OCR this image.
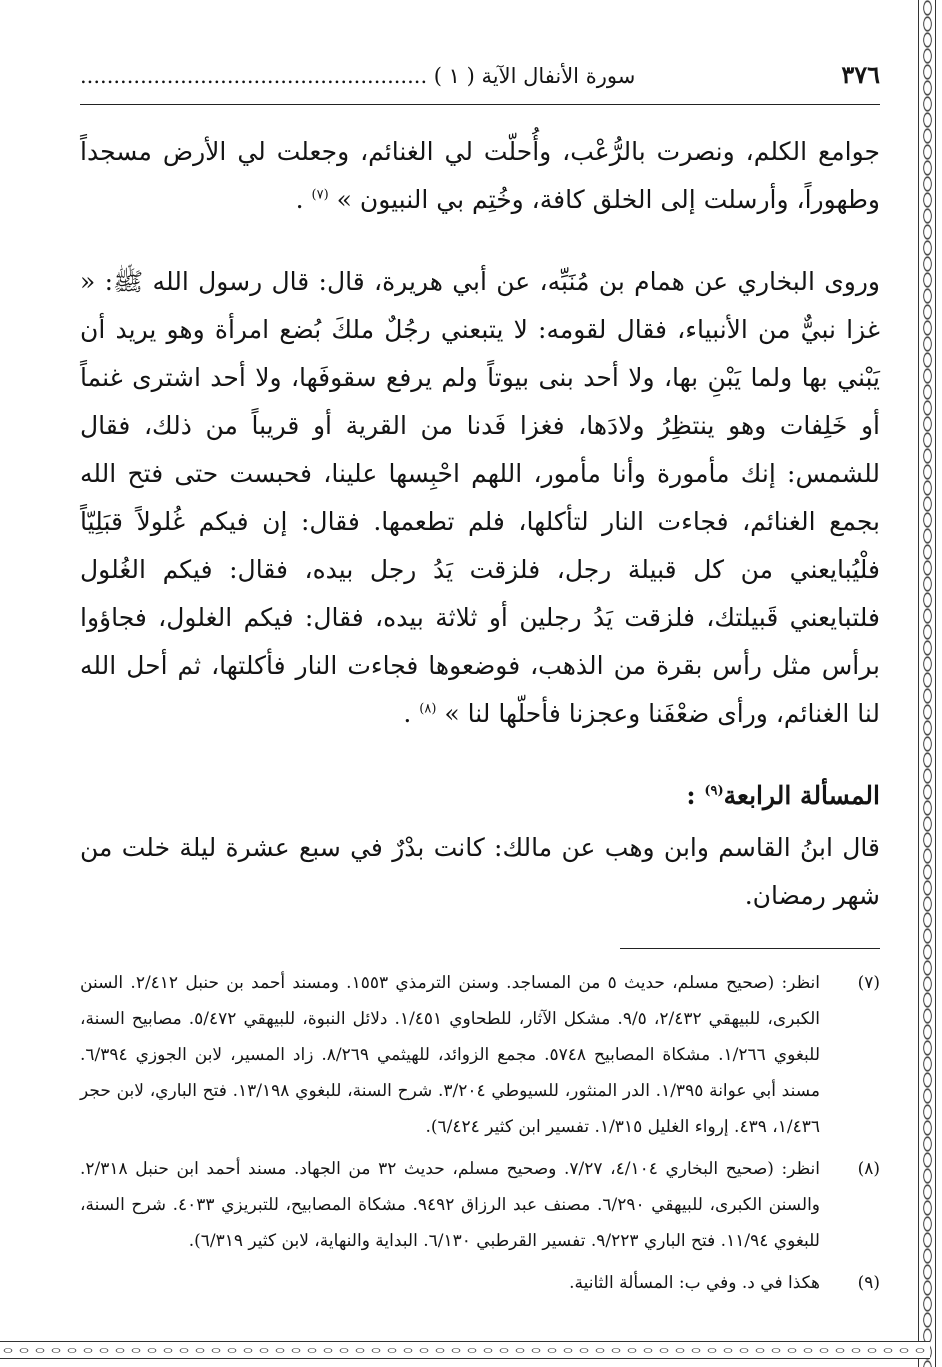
٣٧٦
سورة الأنفال الآية ( ١ ) ....................................................

جوامع الكلم، ونصرت بالرُّعْب، وأُحلّت لي الغنائم، وجعلت لي الأرض مسجداً وطهوراً، وأرسلت إلى الخلق كافة، وخُتِم بي النبيون » $^{(٧)}$ .

وروى البخاري عن همام بن مُنَبِّه، عن أبي هريرة، قال: قال رسول الله ﷺ: « غزا نبيٌّ من الأنبياء، فقال لقومه: لا يتبعني رجُلٌ ملكَ بُضع امرأة وهو يريد أن يَبْني بها ولما يَبْنِ بها، ولا أحد بنى بيوتاً ولم يرفع سقوفَها، ولا أحد اشترى غنماً أو خَلِفات وهو ينتظِرُ ولادَها، فغزا فَدنا من القرية أو قريباً من ذلك، فقال للشمس: إنك مأمورة وأنا مأمور، اللهم احْبِسها علينا، فحبست حتى فتح الله بجمع الغنائم، فجاءت النار لتأكلها، فلم تطعمها. فقال: إن فيكم غُلولاً قبَلِيّاً فلْيُبايعني من كل قبيلة رجل، فلزقت يَدُ رجل بيده، فقال: فيكم الغُلول فلتبايعني قَبيلتك، فلزقت يَدُ رجلين أو ثلاثة بيده، فقال: فيكم الغلول، فجاؤوا برأس مثل رأس بقرة من الذهب، فوضعوها فجاءت النار فأكلتها، ثم أحل الله لنا الغنائم، ورأى ضعْفَنا وعجزنا فأحلّها لنا » $^{(٨)}$ .

المسألة الرابعة$^{(٩)}$ :

قال ابنُ القاسم وابن وهب عن مالك: كانت بدْرٌ في سبع عشرة ليلة خلت من شهر رمضان.

(٧)
انظر: (صحيح مسلم، حديث ٥ من المساجد. وسنن الترمذي ١٥٥٣. ومسند أحمد بن حنبل ٢/٤١٢. السنن الكبرى، للبيهقي ٢/٤٣٢، ٩/٥. مشكل الآثار، للطحاوي ١/٤٥١. دلائل النبوة، للبيهقي ٥/٤٧٢. مصابيح السنة، للبغوي ١/٢٦٦. مشكاة المصابيح ٥٧٤٨. مجمع الزوائد، للهيثمي ٨/٢٦٩. زاد المسير، لابن الجوزي ٦/٣٩٤. مسند أبي عوانة ١/٣٩٥. الدر المنثور، للسيوطي ٣/٢٠٤. شرح السنة، للبغوي ١٣/١٩٨. فتح الباري، لابن حجر ١/٤٣٦، ٤٣٩. إرواء الغليل ١/٣١٥. تفسير ابن كثير ٦/٤٢٤).
(٨)
انظر: (صحيح البخاري ٤/١٠٤، ٧/٢٧. وصحيح مسلم، حديث ٣٢ من الجهاد. مسند أحمد ابن حنبل ٢/٣١٨. والسنن الكبرى، للبيهقي ٦/٢٩٠. مصنف عبد الرزاق ٩٤٩٢. مشكاة المصابيح، للتبريزي ٤٠٣٣. شرح السنة، للبغوي ١١/٩٤. فتح الباري ٩/٢٢٣. تفسير القرطبي ٦/١٣٠. البداية والنهاية، لابن كثير ٦/٣١٩).
(٩)
هكذا في د. وفي ب: المسألة الثانية.
